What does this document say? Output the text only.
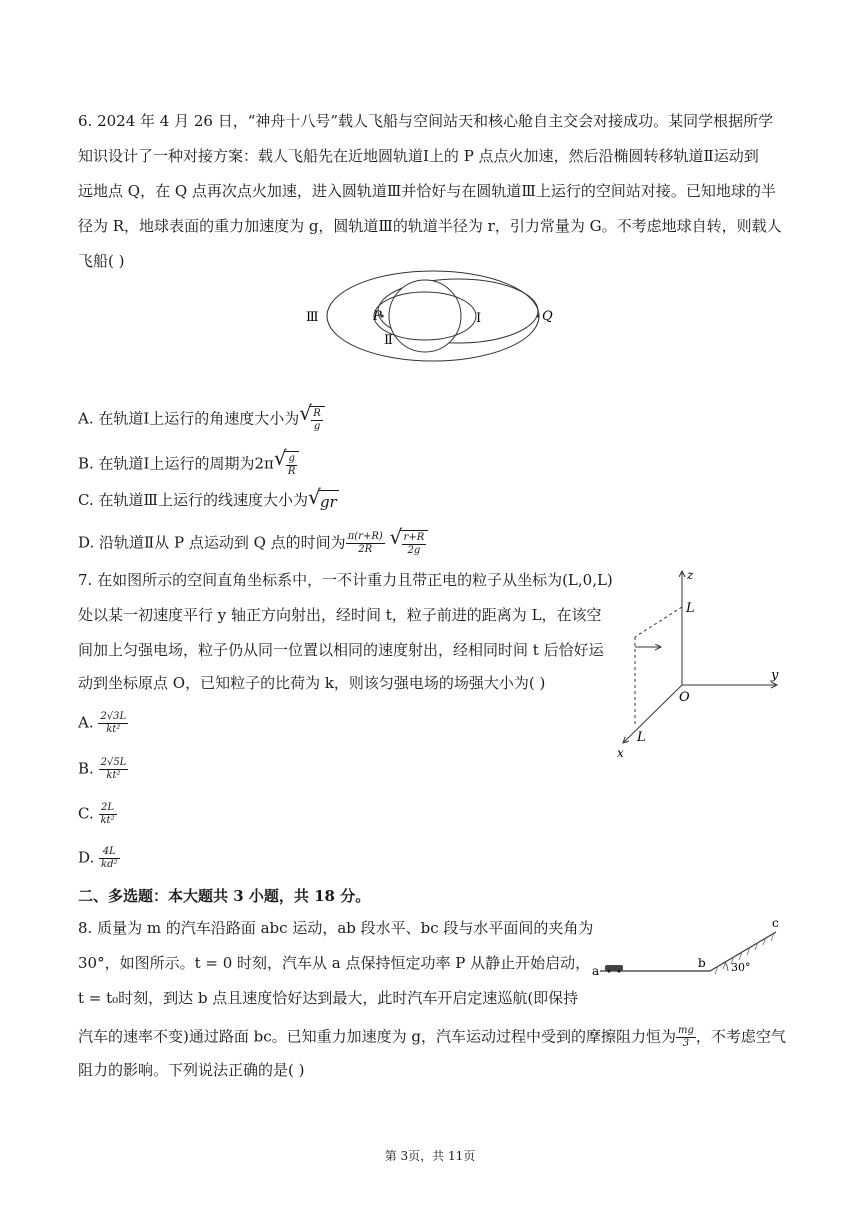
6. 2024 年 4 月 26 日，“神舟十八号”载人飞船与空间站天和核心舱自主交会对接成功。某同学根据所学
知识设计了一种对接方案：载人飞船先在近地圆轨道Ⅰ上的 P 点点火加速，然后沿椭圆转移轨道Ⅱ运动到
远地点 Q，在 Q 点再次点火加速，进入圆轨道Ⅲ并恰好与在圆轨道Ⅲ上运行的空间站对接。已知地球的半
径为 R，地球表面的重力加速度为 g，圆轨道Ⅲ的轨道半径为 r，引力常量为 G。不考虑地球自转，则载人
飞船( )
Ⅲ	P	Ⅰ	Q
Ⅱ
A. 在轨道Ⅰ上运行的角速度大小为 √ $\frac{R}{g}$
B. 在轨道Ⅰ上运行的周期为2π √ $\frac{g}{R}$
C. 在轨道Ⅲ上运行的线速度大小为 √ gr
D. 沿轨道Ⅱ从 P 点运动到 Q 点的时间为 $\frac{\pi(r+R)}{2R}$
√ $\frac{r+R}{2g}$
7. 在如图所示的空间直角坐标系中，一不计重力且带正电的粒子从坐标为(L,0,L)
处以某一初速度平行 y 轴正方向射出，经时间 t，粒子前进的距离为 L，在该空
间加上匀强电场，粒子仍从同一位置以相同的速度射出，经相同时间 t 后恰好运
动到坐标原点 O，已知粒子的比荷为 k，则该匀强电场的场强大小为( )
z
L
y
O
L
x
A. $\frac{2√3L}{\text{kt²}}$
B. $\frac{2√5L}{\text{kt²}}$
C. $\frac{2L}{\text{kt²}}$
D. $\frac{4L}{\text{kd²}}$
二、多选题：本大题共 3 小题，共 18 分。
8. 质量为 m 的汽车沿路面 abc 运动，ab 段水平、bc 段与水平面间的夹角为
30°，如图所示。t = 0 时刻，汽车从 a 点保持恒定功率 P 从静止开始启动，
t = t₀时刻，到达 b 点且速度恰好达到最大，此时汽车开启定速巡航(即保持
汽车的速率不变)通过路面 bc。已知重力加速度为 g，汽车运动过程中受到的摩擦阻力恒为 $\frac{mg}{3}$ ，不考虑空气
阻力的影响。下列说法正确的是( )
a
b
c
30°
第 3页，共 11页
